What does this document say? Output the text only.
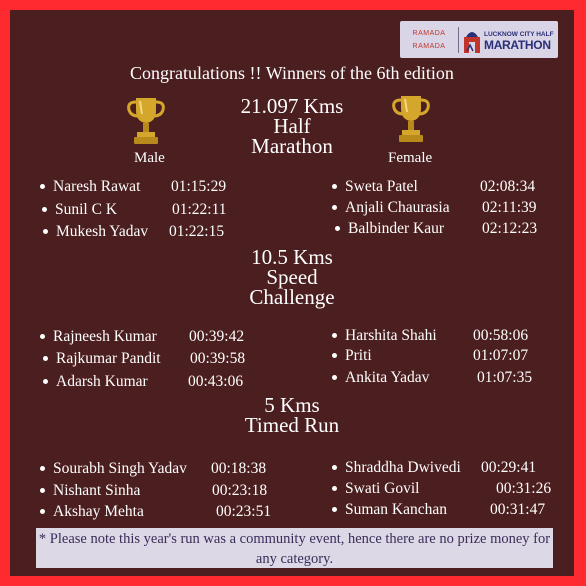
RAMADA

RAMADA
LUCKNOW CITY HALF
MARATHON
Congratulations !! Winners of the 6th edition
Male	Female
21.097 Kms
Half
Marathon
Naresh Rawat 01:15:29
Sunil C K	01:22:11
Mukesh Yadav 01:22:15
Sweta Patel	02:08:34
Anjali Chaurasia 02:11:39
Balbinder Kaur 02:12:23
10.5 Kms
Speed
Challenge
Rajneesh Kumar 00:39:42
Rajkumar Pandit 00:39:58
Adarsh Kumar	00:43:06
Harshita Shahi 00:58:06
Priti	01:07:07
Ankita Yadav	01:07:35
5 Kms
Timed Run
Sourabh Singh Yadav 00:18:38
Nishant Sinha	00:23:18
Akshay Mehta	00:23:51
Shraddha Dwivedi 00:29:41
Swati Govil	00:31:26
Suman Kanchan	00:31:47
* Please note this year's run was a community event, hence there are no prize money for any category.
